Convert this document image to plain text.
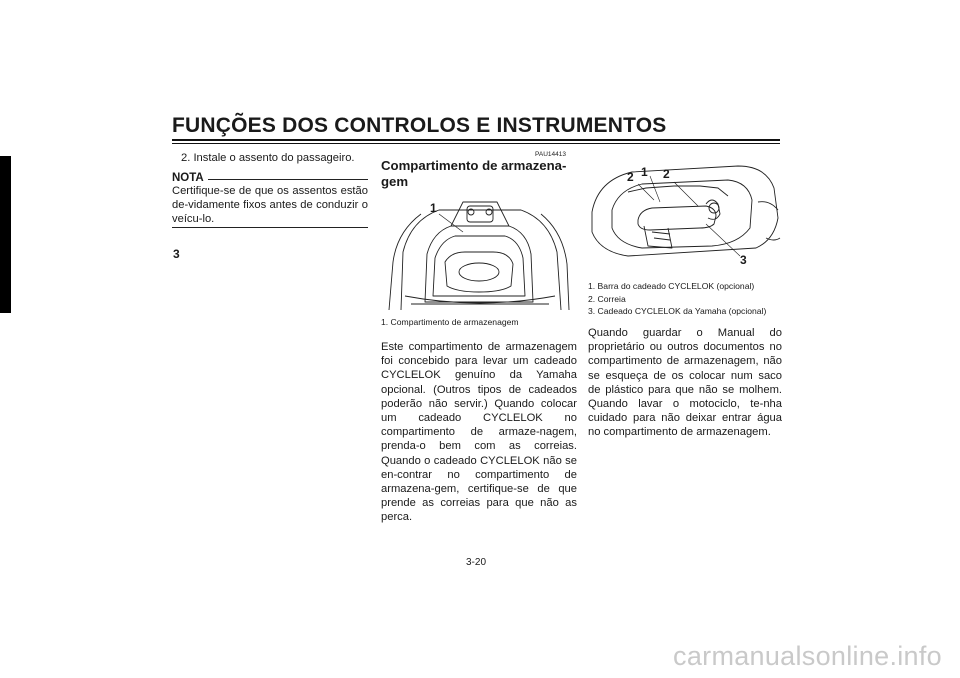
FUNÇÕES DOS CONTROLOS E INSTRUMENTOS
3
2. Instale o assento do passageiro.
NOTA
Certifique-se de que os assentos estão de-vidamente fixos antes de conduzir o veícu-lo.
PAU14413
Compartimento de armazena-gem
1
1. Compartimento de armazenagem
Este compartimento de armazenagem foi concebido para levar um cadeado CYCLELOK genuíno da Yamaha opcional. (Outros tipos de cadeados poderão não servir.) Quando colocar um cadeado CYCLELOK no compartimento de armaze-nagem, prenda-o bem com as correias. Quando o cadeado CYCLELOK não se en-contrar no compartimento de armazena-gem, certifique-se de que prende as correias para que não as perca.
2 1 2
3
1. Barra do cadeado CYCLELOK (opcional)
2. Correia
3. Cadeado CYCLELOK da Yamaha (opcional)
Quando guardar o Manual do proprietário ou outros documentos no compartimento de armazenagem, não se esqueça de os colocar num saco de plástico para que não se molhem. Quando lavar o motociclo, te-nha cuidado para não deixar entrar água no compartimento de armazenagem.
3-20
carmanualsonline.info
